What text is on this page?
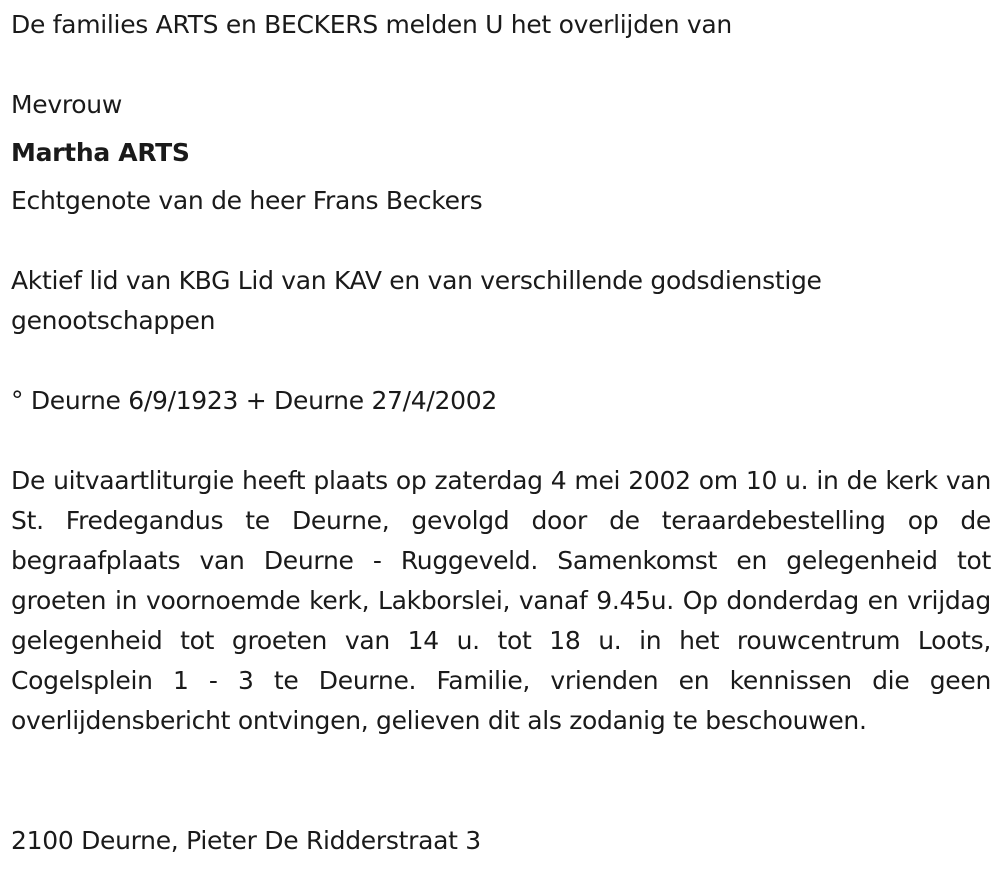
De families ARTS en BECKERS melden U het overlijden van

Mevrouw

Martha ARTS

Echtgenote van de heer Frans Beckers

Aktief lid van KBG Lid van KAV en van verschillende godsdienstige genootschappen

° Deurne 6/9/1923 + Deurne 27/4/2002

De uitvaartliturgie heeft plaats op zaterdag 4 mei 2002 om 10 u. in de kerk van St. Fredegandus te Deurne, gevolgd door de teraardebestelling op de begraafplaats van Deurne - Ruggeveld. Samenkomst en gelegenheid tot groeten in voornoemde kerk, Lakborslei, vanaf 9.45u. Op donderdag en vrijdag gelegenheid tot groeten van 14 u. tot 18 u. in het rouwcentrum Loots, Cogelsplein 1 - 3 te Deurne. Familie, vrienden en kennissen die geen overlijdensbericht ontvingen, gelieven dit als zodanig te beschouwen.

2100 Deurne, Pieter De Ridderstraat 3
